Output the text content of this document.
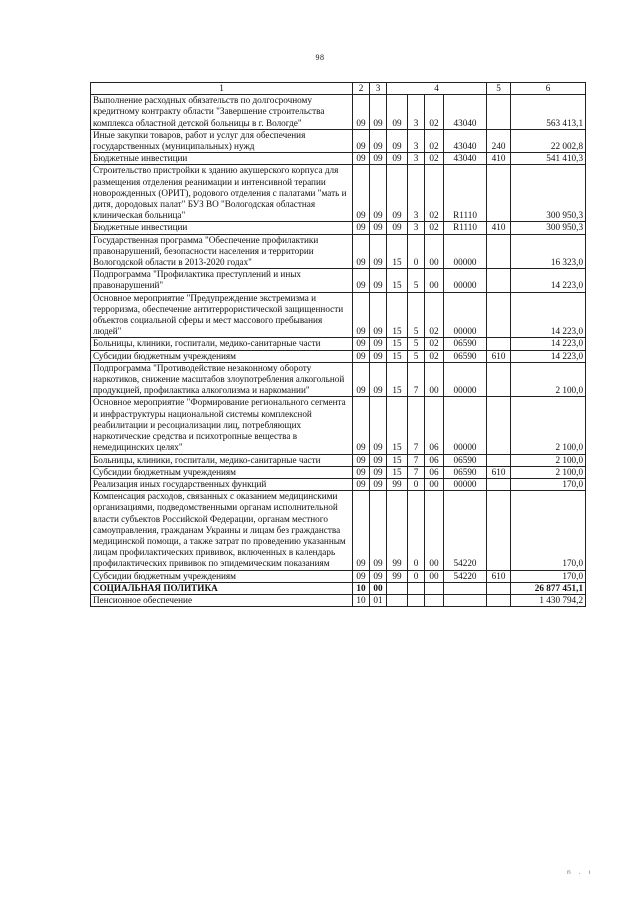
98
1	2	3	4				5	6
Выполнение расходных обязательств по долгосрочному кредитному контракту области "Завершение строительства комплекса областной детской больницы в г. Вологде"	09	09	09	3	02	43040		563 413,1
Иные закупки товаров, работ и услуг для обеспечения государственных (муниципальных) нужд	09	09	09	3	02	43040	240	22 002,8
Бюджетные инвестиции	09	09	09	3	02	43040	410	541 410,3
Строительство пристройки к зданию акушерского корпуса для размещения отделения реанимации и интенсивной терапии новорожденных (ОРИТ), родового отделения с палатами "мать и дитя, дородовых палат" БУЗ ВО "Вологодская областная клиническая больница"	09	09	09	3	02	R1110		300 950,3
Бюджетные инвестиции	09	09	09	3	02	R1110	410	300 950,3
Государственная программа "Обеспечение профилактики правонарушений, безопасности населения и территории Вологодской области в 2013-2020 годах"	09	09	15	0	00	00000		16 323,0
Подпрограмма "Профилактика преступлений и иных правонарушений"	09	09	15	5	00	00000		14 223,0
Основное мероприятие "Предупреждение экстремизма и терроризма, обеспечение антитеррористической защищенности объектов социальной сферы и мест массового пребывания людей"	09	09	15	5	02	00000		14 223,0
Больницы, клиники, госпитали, медико-санитарные части	09	09	15	5	02	06590		14 223,0
Субсидии бюджетным учреждениям	09	09	15	5	02	06590	610	14 223,0
Подпрограмма "Противодействие незаконному обороту наркотиков, снижение масштабов злоупотребления алкогольной продукцией, профилактика алкоголизма и наркомании"	09	09	15	7	00	00000		2 100,0
Основное мероприятие "Формирование регионального сегмента и инфраструктуры национальной системы комплексной реабилитации и ресоциализации лиц, потребляющих наркотические средства и психотропные вещества в немедицинских целях"	09	09	15	7	06	00000		2 100,0
Больницы, клиники, госпитали, медико-санитарные части	09	09	15	7	06	06590		2 100,0
Субсидии бюджетным учреждениям	09	09	15	7	06	06590	610	2 100,0
Реализация иных государственных функций	09	09	99	0	00	00000		170,0
Компенсация расходов, связанных с оказанием медицинскими организациями, подведомственными органам исполнительной власти субъектов Российской Федерации, органам местного самоуправления, гражданам Украины и лицам без гражданства медицинской помощи, а также затрат по проведению указанным лицам профилактических прививок, включенных в календарь профилактических прививок по эпидемическим показаниям	09	09	99	0	00	54220		170,0
Субсидии бюджетным учреждениям	09	09	99	0	00	54220	610	170,0
СОЦИАЛЬНАЯ ПОЛИТИКА	10	00						26 877 451,1
Пенсионное обеспечение	10	01						1 430 794,2
n . ı
